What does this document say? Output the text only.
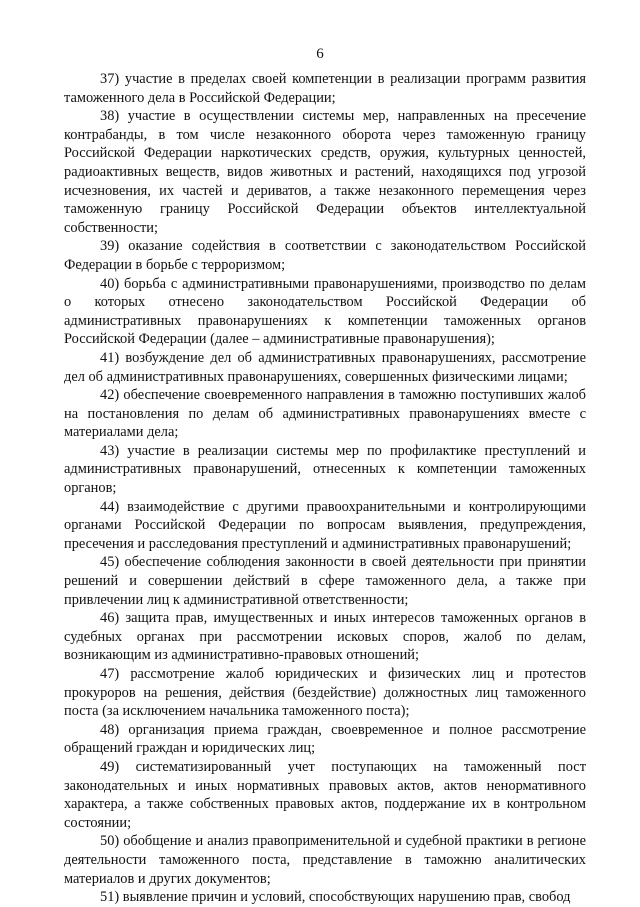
6

37) участие в пределах своей компетенции в реализации программ развития таможенного дела в Российской Федерации;

38) участие в осуществлении системы мер, направленных на пресечение контрабанды, в том числе незаконного оборота через таможенную границу Российской Федерации наркотических средств, оружия, культурных ценностей, радиоактивных веществ, видов животных и растений, находящихся под угрозой исчезновения, их частей и дериватов, а также незаконного перемещения через таможенную границу Российской Федерации объектов интеллектуальной собственности;

39) оказание содействия в соответствии с законодательством Российской Федерации в борьбе с терроризмом;

40) борьба с административными правонарушениями, производство по делам о которых отнесено законодательством Российской Федерации об административных правонарушениях к компетенции таможенных органов Российской Федерации (далее – административные правонарушения);

41) возбуждение дел об административных правонарушениях, рассмотрение дел об административных правонарушениях, совершенных физическими лицами;

42) обеспечение своевременного направления в таможню поступивших жалоб на постановления по делам об административных правонарушениях вместе с материалами дела;

43) участие в реализации системы мер по профилактике преступлений и административных правонарушений, отнесенных к компетенции таможенных органов;

44) взаимодействие с другими правоохранительными и контролирующими органами Российской Федерации по вопросам выявления, предупреждения, пресечения и расследования преступлений и административных правонарушений;

45) обеспечение соблюдения законности в своей деятельности при принятии решений и совершении действий в сфере таможенного дела, а также при привлечении лиц к административной ответственности;

46) защита прав, имущественных и иных интересов таможенных органов в судебных органах при рассмотрении исковых споров, жалоб по делам, возникающим из административно-правовых отношений;

47) рассмотрение жалоб юридических и физических лиц и протестов прокуроров на решения, действия (бездействие) должностных лиц таможенного поста (за исключением начальника таможенного поста);

48) организация приема граждан, своевременное и полное рассмотрение обращений граждан и юридических лиц;

49) систематизированный учет поступающих на таможенный пост законодательных и иных нормативных правовых актов, актов ненормативного характера, а также собственных правовых актов, поддержание их в контрольном состоянии;

50) обобщение и анализ правоприменительной и судебной практики в регионе деятельности таможенного поста, представление в таможню аналитических материалов и других документов;

51) выявление причин и условий, способствующих нарушению прав, свобод
